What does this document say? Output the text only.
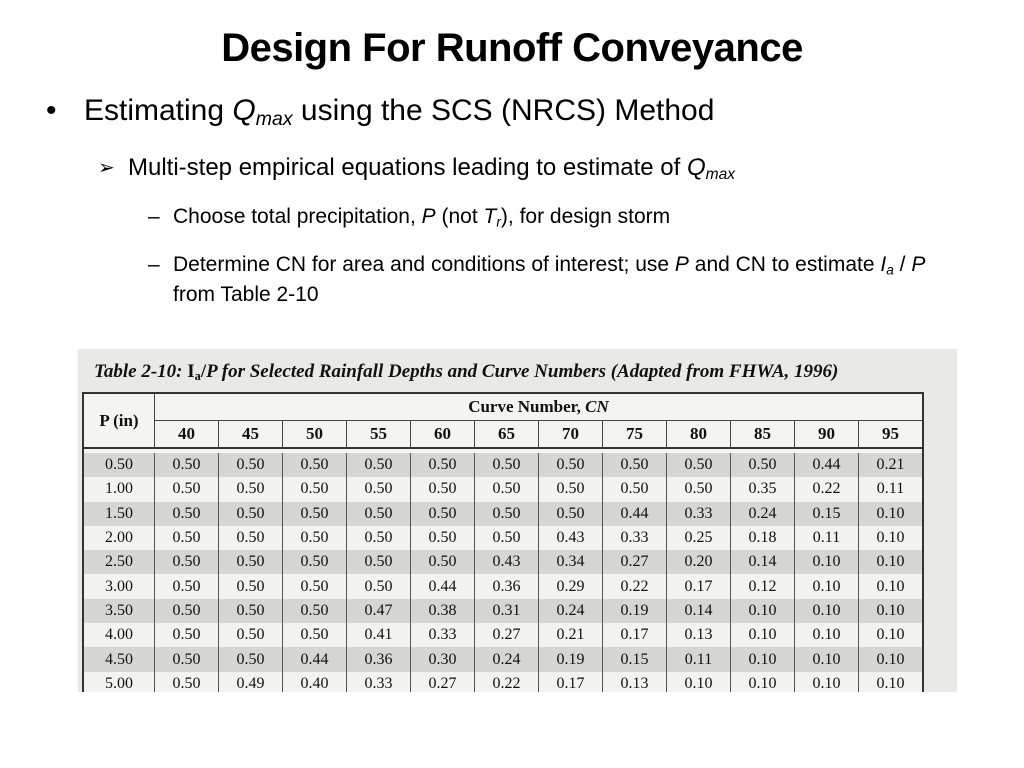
Design For Runoff Conveyance
• Estimating $Q_{max}$ using the SCS (NRCS) Method
➢ Multi-step empirical equations leading to estimate of $Q_{max}$
– Choose total precipitation, P (not $T_r$), for design storm
– Determine CN for area and conditions of interest; use P and CN to estimate $I_a$ / P from Table 2-10
Table 2-10: $I_a/P$ for Selected Rainfall Depths and Curve Numbers (Adapted from FHWA, 1996)
P (in)	Curve Number, CN											
	40	45	50	55	60	65	70	75	80	85	90	95

0.50	0.50	0.50	0.50	0.50	0.50	0.50	0.50	0.50	0.50	0.50	0.44	0.21
1.00	0.50	0.50	0.50	0.50	0.50	0.50	0.50	0.50	0.50	0.35	0.22	0.11
1.50	0.50	0.50	0.50	0.50	0.50	0.50	0.50	0.44	0.33	0.24	0.15	0.10
2.00	0.50	0.50	0.50	0.50	0.50	0.50	0.43	0.33	0.25	0.18	0.11	0.10
2.50	0.50	0.50	0.50	0.50	0.50	0.43	0.34	0.27	0.20	0.14	0.10	0.10
3.00	0.50	0.50	0.50	0.50	0.44	0.36	0.29	0.22	0.17	0.12	0.10	0.10
3.50	0.50	0.50	0.50	0.47	0.38	0.31	0.24	0.19	0.14	0.10	0.10	0.10
4.00	0.50	0.50	0.50	0.41	0.33	0.27	0.21	0.17	0.13	0.10	0.10	0.10
4.50	0.50	0.50	0.44	0.36	0.30	0.24	0.19	0.15	0.11	0.10	0.10	0.10
5.00	0.50	0.49	0.40	0.33	0.27	0.22	0.17	0.13	0.10	0.10	0.10	0.10
